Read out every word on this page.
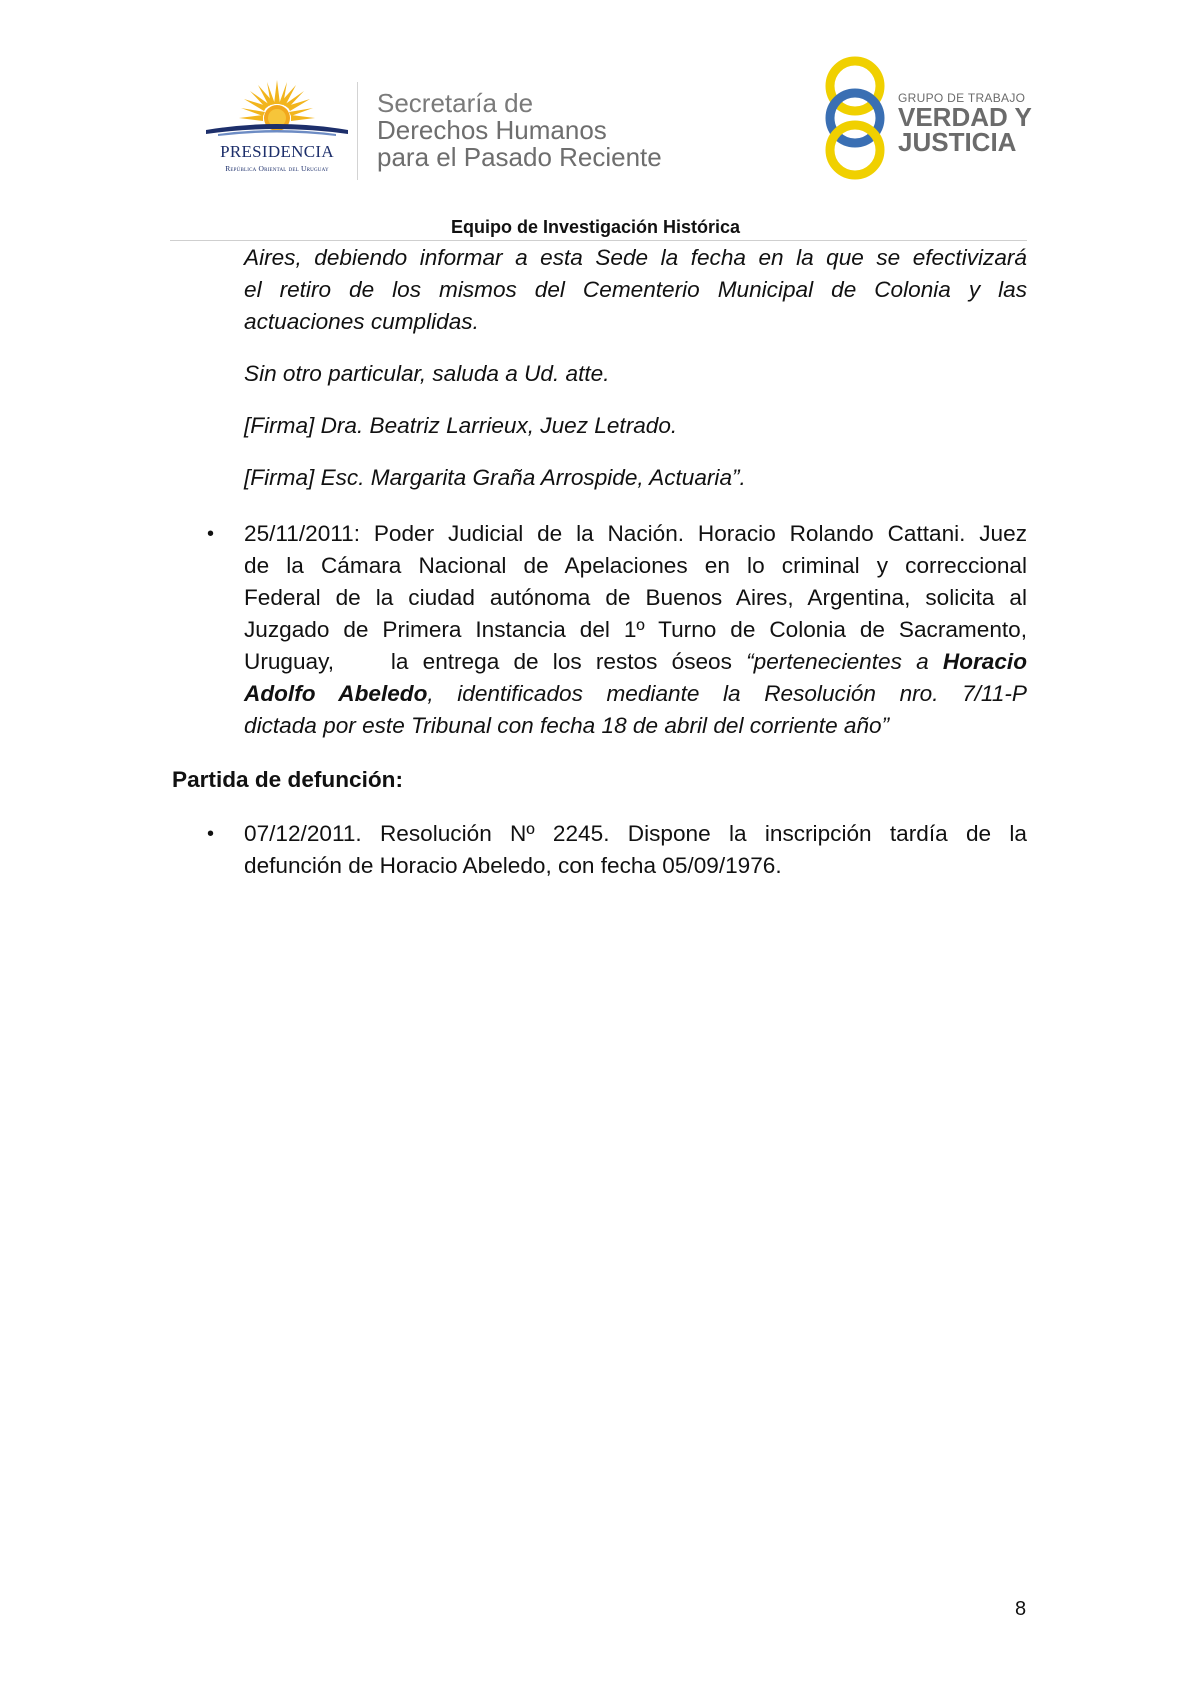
PRESIDENCIA
República Oriental del Uruguay
Secretaría de
Derechos Humanos
para el Pasado Reciente
GRUPO DE TRABAJO
VERDAD Y
JUSTICIA
Equipo de Investigación Histórica

Aires, debiendo informar a esta Sede la fecha en la que se efectivizará

el retiro de los mismos del Cementerio Municipal de Colonia y las

actuaciones cumplidas.

Sin otro particular, saluda a Ud. atte.

[Firma] Dra. Beatriz Larrieux, Juez Letrado.

[Firma] Esc. Margarita Graña Arrospide, Actuaria”.

• 25/11/2011: Poder Judicial de la Nación. Horacio Rolando Cattani. Juez

de la Cámara Nacional de Apelaciones en lo criminal y correccional

Federal de la ciudad autónoma de Buenos Aires, Argentina, solicita al

Juzgado de Primera Instancia del 1º Turno de Colonia de Sacramento,

Uruguay,    la entrega de los restos óseos “pertenecientes a Horacio

Adolfo Abeledo, identificados mediante la Resolución nro. 7/11-P

dictada por este Tribunal con fecha 18 de abril del corriente año”

Partida de defunción:
• 07/12/2011. Resolución Nº 2245. Dispone la inscripción tardía de la

defunción de Horacio Abeledo, con fecha 05/09/1976.

8
